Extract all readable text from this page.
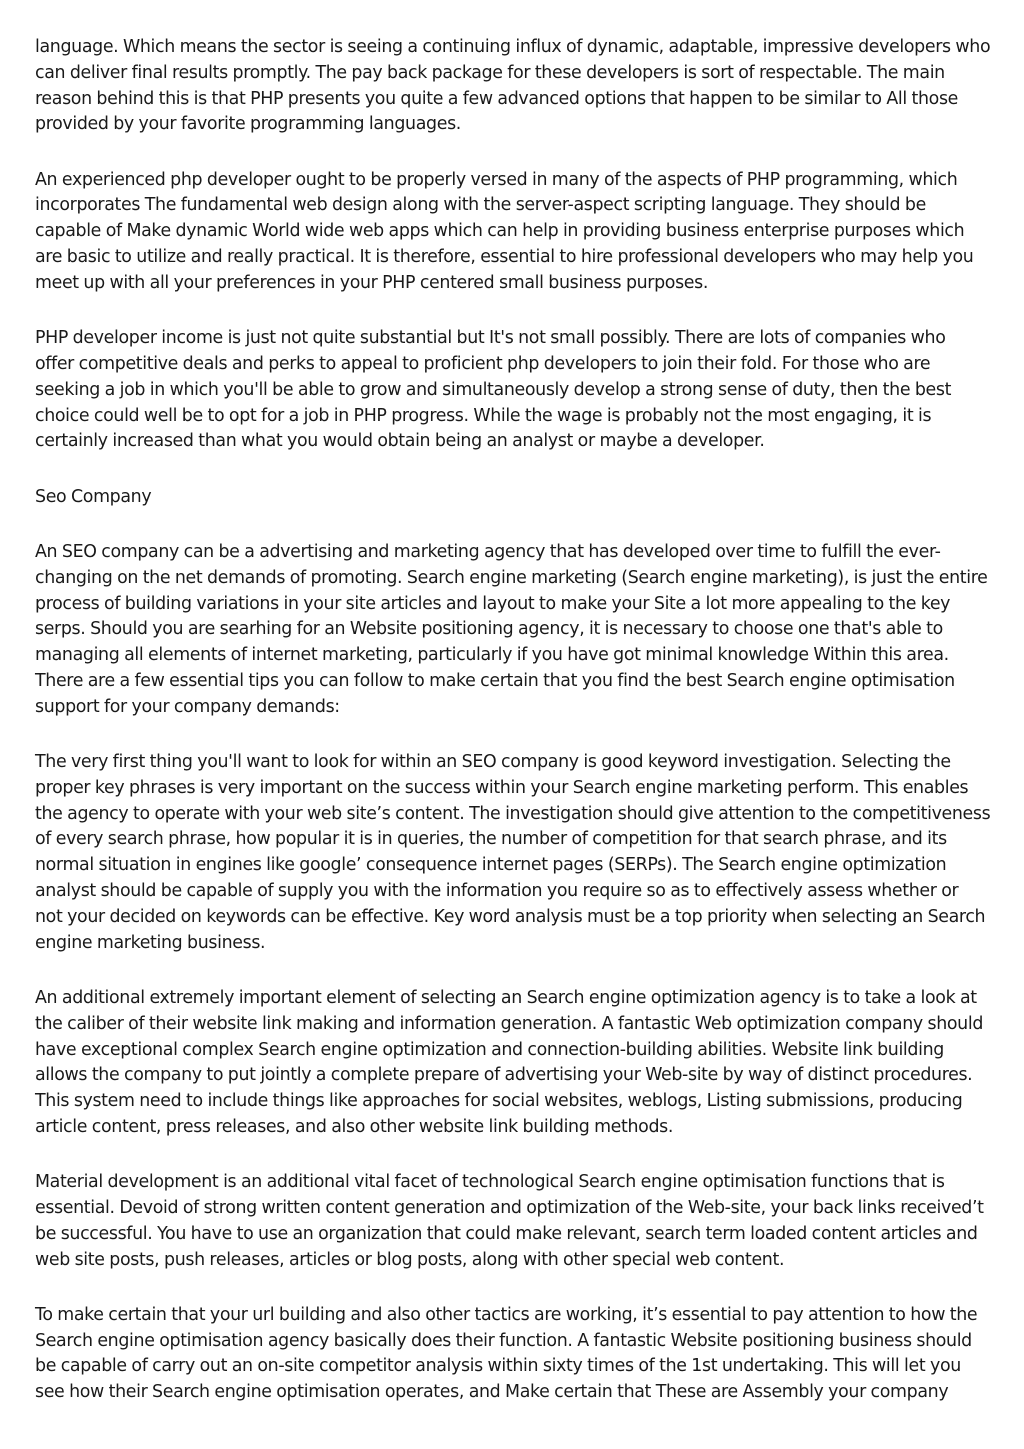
language. Which means the sector is seeing a continuing influx of dynamic, adaptable, impressive developers who
can deliver final results promptly. The pay back package for these developers is sort of respectable. The main
reason behind this is that PHP presents you quite a few advanced options that happen to be similar to All those
provided by your favorite programming languages.
An experienced php developer ought to be properly versed in many of the aspects of PHP programming, which
incorporates The fundamental web design along with the server-aspect scripting language. They should be
capable of Make dynamic World wide web apps which can help in providing business enterprise purposes which
are basic to utilize and really practical. It is therefore, essential to hire professional developers who may help you
meet up with all your preferences in your PHP centered small business purposes.
PHP developer income is just not quite substantial but It's not small possibly. There are lots of companies who
offer competitive deals and perks to appeal to proficient php developers to join their fold. For those who are
seeking a job in which you'll be able to grow and simultaneously develop a strong sense of duty, then the best
choice could well be to opt for a job in PHP progress. While the wage is probably not the most engaging, it is
certainly increased than what you would obtain being an analyst or maybe a developer.
Seo Company
An SEO company can be a advertising and marketing agency that has developed over time to fulfill the ever-
changing on the net demands of promoting. Search engine marketing (Search engine marketing), is just the entire
process of building variations in your site articles and layout to make your Site a lot more appealing to the key
serps. Should you are searhing for an Website positioning agency, it is necessary to choose one that's able to
managing all elements of internet marketing, particularly if you have got minimal knowledge Within this area.
There are a few essential tips you can follow to make certain that you find the best Search engine optimisation
support for your company demands:
The very first thing you'll want to look for within an SEO company is good keyword investigation. Selecting the
proper key phrases is very important on the success within your Search engine marketing perform. This enables
the agency to operate with your web site’s content. The investigation should give attention to the competitiveness
of every search phrase, how popular it is in queries, the number of competition for that search phrase, and its
normal situation in engines like google’ consequence internet pages (SERPs). The Search engine optimization
analyst should be capable of supply you with the information you require so as to effectively assess whether or
not your decided on keywords can be effective. Key word analysis must be a top priority when selecting an Search
engine marketing business.
An additional extremely important element of selecting an Search engine optimization agency is to take a look at
the caliber of their website link making and information generation. A fantastic Web optimization company should
have exceptional complex Search engine optimization and connection-building abilities. Website link building
allows the company to put jointly a complete prepare of advertising your Web-site by way of distinct procedures.
This system need to include things like approaches for social websites, weblogs, Listing submissions, producing
article content, press releases, and also other website link building methods.
Material development is an additional vital facet of technological Search engine optimisation functions that is
essential. Devoid of strong written content generation and optimization of the Web-site, your back links received’t
be successful. You have to use an organization that could make relevant, search term loaded content articles and
web site posts, push releases, articles or blog posts, along with other special web content.
To make certain that your url building and also other tactics are working, it’s essential to pay attention to how the
Search engine optimisation agency basically does their function. A fantastic Website positioning business should
be capable of carry out an on-site competitor analysis within sixty times of the 1st undertaking. This will let you
see how their Search engine optimisation operates, and Make certain that These are Assembly your company
